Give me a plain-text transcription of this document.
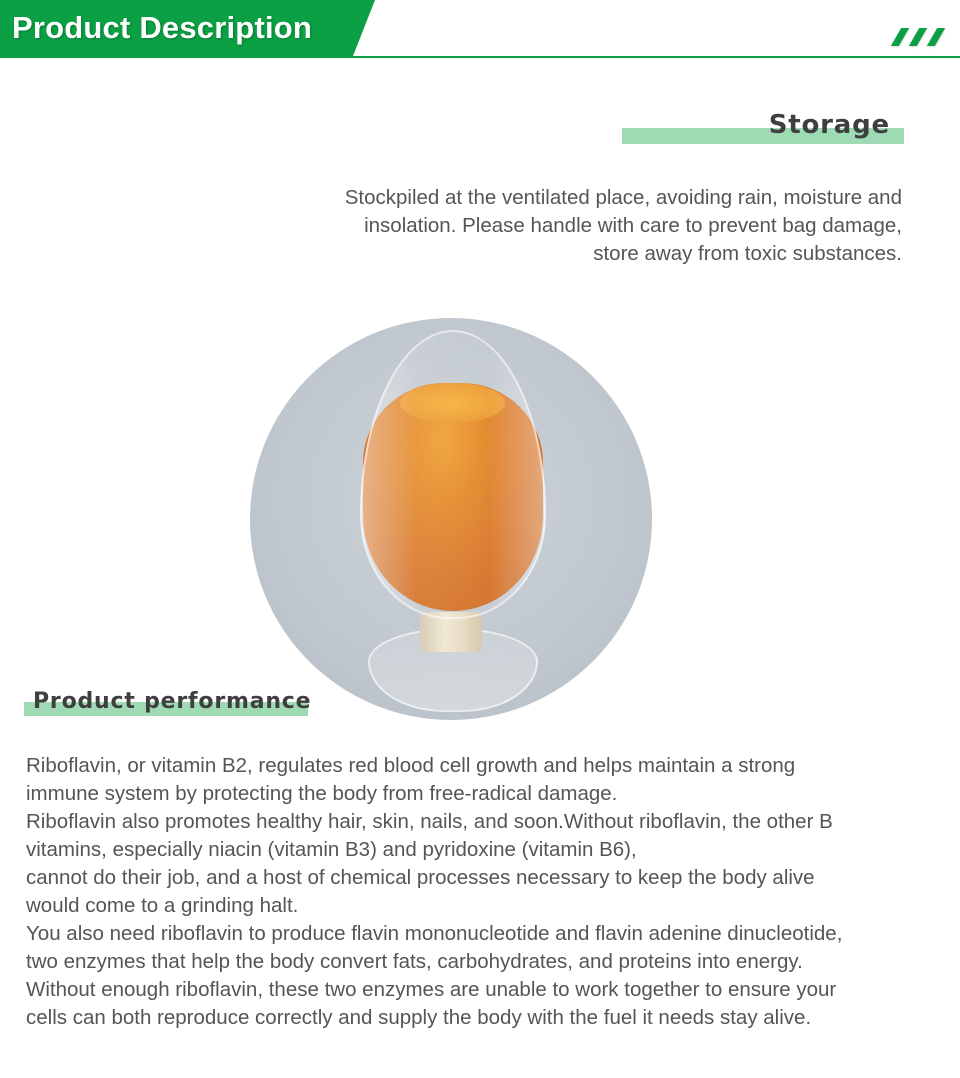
Product Description
Storage
Stockpiled at the ventilated place, avoiding rain, moisture and
insolation. Please handle with care to prevent bag damage,
store away from toxic substances.
Product performance
Riboflavin, or vitamin B2, regulates red blood cell growth and helps maintain a strong
immune system by protecting the body from free-radical damage.
Riboflavin also promotes healthy hair, skin, nails, and soon.Without riboflavin, the other B
vitamins, especially niacin (vitamin B3) and pyridoxine (vitamin B6),
cannot do their job, and a host of chemical processes necessary to keep the body alive
would come to a grinding halt.
You also need riboflavin to produce flavin mononucleotide and flavin adenine dinucleotide,
two enzymes that help the body convert fats, carbohydrates, and proteins into energy.
Without enough riboflavin, these two enzymes are unable to work together to ensure your
cells can both reproduce correctly and supply the body with the fuel it needs stay alive.
